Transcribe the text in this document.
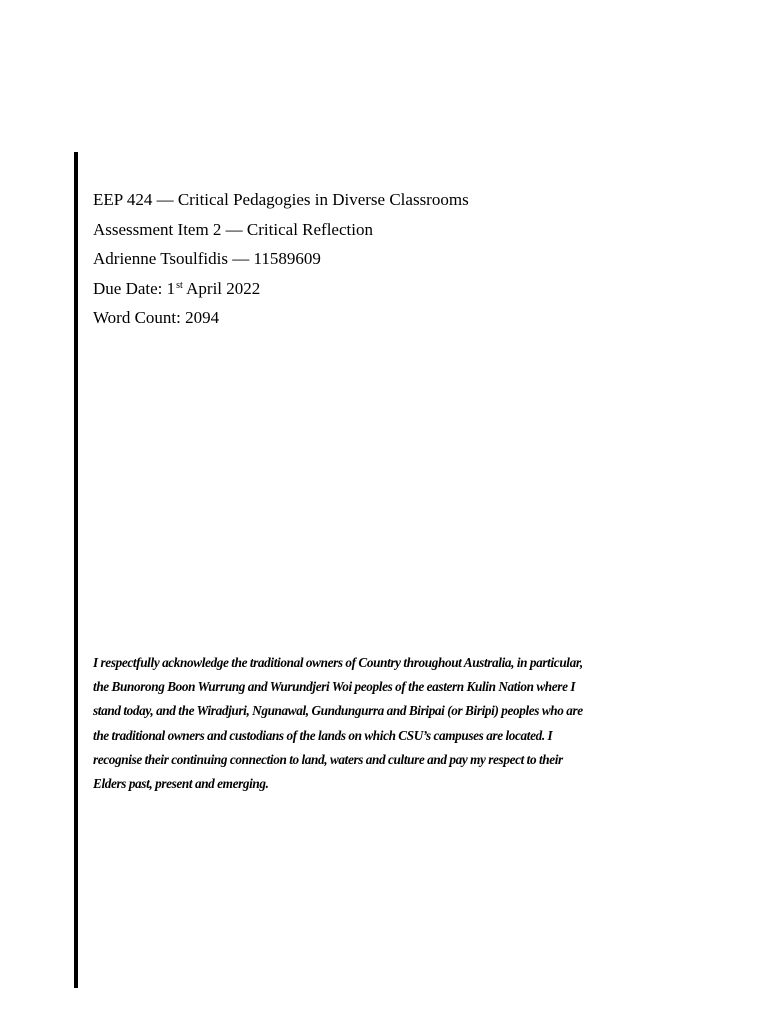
EEP 424 — Critical Pedagogies in Diverse Classrooms
Assessment Item 2 — Critical Reflection
Adrienne Tsoulfidis — 11589609
Due Date: 1st April 2022
Word Count: 2094
I respectfully acknowledge the traditional owners of Country throughout Australia, in particular,
the Bunorong Boon Wurrung and Wurundjeri Woi peoples of the eastern Kulin Nation where I
stand today, and the Wiradjuri, Ngunawal, Gundungurra and Biripai (or Biripi) peoples who are
the traditional owners and custodians of the lands on which CSU’s campuses are located. I
recognise their continuing connection to land, waters and culture and pay my respect to their
Elders past, present and emerging.
